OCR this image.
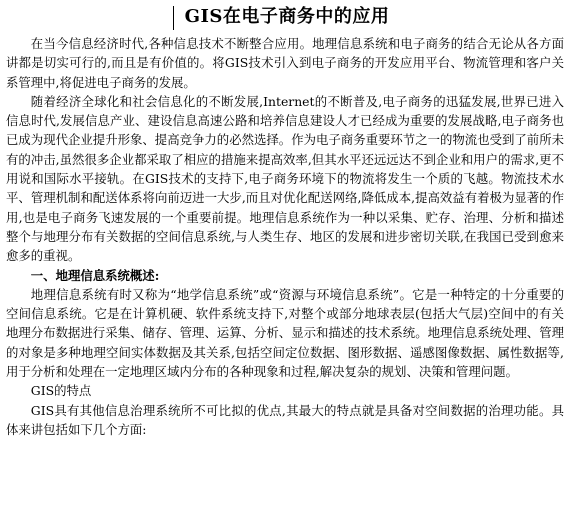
GIS在电子商务中的应用

在当今信息经济时代,各种信息技术不断整合应用。地理信息系统和电子商务的结合无论从各方面讲都是切实可行的,而且是有价值的。将GIS技术引入到电子商务的开发应用平台、物流管理和客户关系管理中,将促进电子商务的发展。

随着经济全球化和社会信息化的不断发展,Internet的不断普及,电子商务的迅猛发展,世界已进入信息时代,发展信息产业、建设信息高速公路和培养信息建设人才已经成为重要的发展战略,电子商务也已成为现代企业提升形象、提高竞争力的必然选择。作为电子商务重要环节之一的物流也受到了前所未有的冲击,虽然很多企业都采取了相应的措施来提高效率,但其水平还远远达不到企业和用户的需求,更不用说和国际水平接轨。在GIS技术的支持下,电子商务环境下的物流将发生一个质的飞越。物流技术水平、管理机制和配送体系将向前迈进一大步,而且对优化配送网络,降低成本,提高效益有着极为显著的作用,也是电子商务飞速发展的一个重要前提。地理信息系统作为一种以采集、贮存、治理、分析和描述整个与地理分布有关数据的空间信息系统,与人类生存、地区的发展和进步密切关联,在我国已受到愈来愈多的重视。

一、地理信息系统概述:

地理信息系统有时又称为“地学信息系统”或“资源与环境信息系统”。它是一种特定的十分重要的空间信息系统。它是在计算机硬、软件系统支持下,对整个或部分地球表层(包括大气层)空间中的有关地理分布数据进行采集、储存、管理、运算、分析、显示和描述的技术系统。地理信息系统处理、管理的对象是多种地理空间实体数据及其关系,包括空间定位数据、图形数据、遥感图像数据、属性数据等,用于分析和处理在一定地理区域内分布的各种现象和过程,解决复杂的规划、决策和管理问题。

GIS的特点

GIS具有其他信息治理系统所不可比拟的优点,其最大的特点就是具备对空间数据的治理功能。具体来讲包括如下几个方面:
